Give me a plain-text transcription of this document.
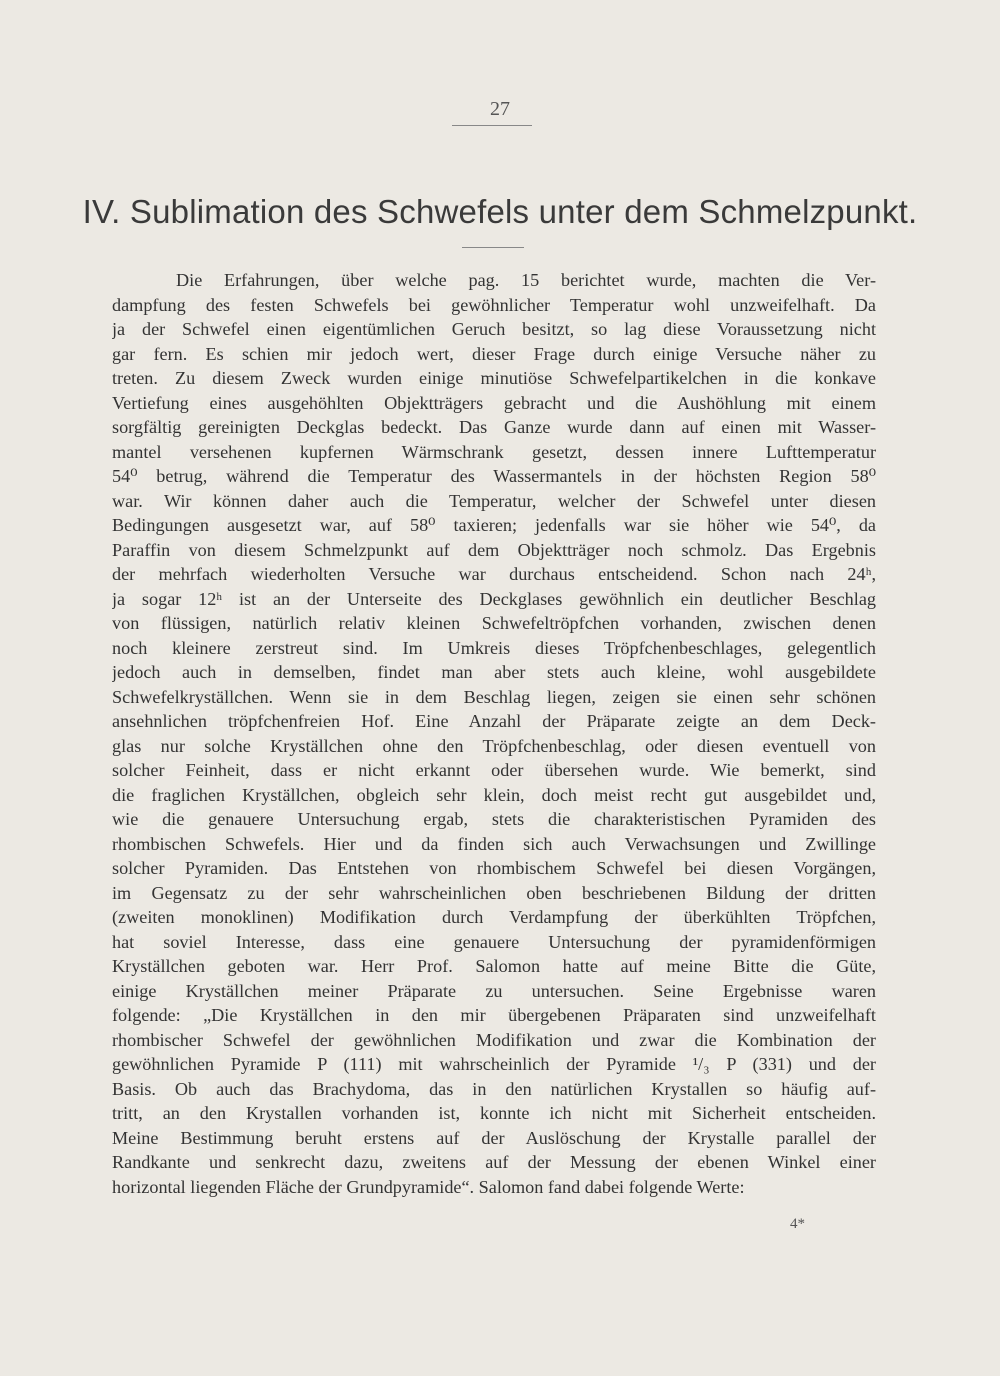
27
IV. Sublimation des Schwefels unter dem Schmelzpunkt.
Die Erfahrungen, über welche pag. 15 berichtet wurde, machten die Ver-
dampfung des festen Schwefels bei gewöhnlicher Temperatur wohl unzweifelhaft. Da
ja der Schwefel einen eigentümlichen Geruch besitzt, so lag diese Voraussetzung nicht
gar fern. Es schien mir jedoch wert, dieser Frage durch einige Versuche näher zu
treten. Zu diesem Zweck wurden einige minutiöse Schwefelpartikelchen in die konkave
Vertiefung eines ausgehöhlten Objektträgers gebracht und die Aushöhlung mit einem
sorgfältig gereinigten Deckglas bedeckt. Das Ganze wurde dann auf einen mit Wasser-
mantel versehenen kupfernen Wärmschrank gesetzt, dessen innere Lufttemperatur
54⁰ betrug, während die Temperatur des Wassermantels in der höchsten Region 58⁰
war. Wir können daher auch die Temperatur, welcher der Schwefel unter diesen
Bedingungen ausgesetzt war, auf 58⁰ taxieren; jedenfalls war sie höher wie 54⁰, da
Paraffin von diesem Schmelzpunkt auf dem Objektträger noch schmolz. Das Ergebnis
der mehrfach wiederholten Versuche war durchaus entscheidend. Schon nach 24ʰ,
ja sogar 12ʰ ist an der Unterseite des Deckglases gewöhnlich ein deutlicher Beschlag
von flüssigen, natürlich relativ kleinen Schwefeltröpfchen vorhanden, zwischen denen
noch kleinere zerstreut sind. Im Umkreis dieses Tröpfchenbeschlages, gelegentlich
jedoch auch in demselben, findet man aber stets auch kleine, wohl ausgebildete
Schwefelkryställchen. Wenn sie in dem Beschlag liegen, zeigen sie einen sehr schönen
ansehnlichen tröpfchenfreien Hof. Eine Anzahl der Präparate zeigte an dem Deck-
glas nur solche Kryställchen ohne den Tröpfchenbeschlag, oder diesen eventuell von
solcher Feinheit, dass er nicht erkannt oder übersehen wurde. Wie bemerkt, sind
die fraglichen Kryställchen, obgleich sehr klein, doch meist recht gut ausgebildet und,
wie die genauere Untersuchung ergab, stets die charakteristischen Pyramiden des
rhombischen Schwefels. Hier und da finden sich auch Verwachsungen und Zwillinge
solcher Pyramiden. Das Entstehen von rhombischem Schwefel bei diesen Vorgängen,
im Gegensatz zu der sehr wahrscheinlichen oben beschriebenen Bildung der dritten
(zweiten monoklinen) Modifikation durch Verdampfung der überkühlten Tröpfchen,
hat soviel Interesse, dass eine genauere Untersuchung der pyramidenförmigen
Kryställchen geboten war. Herr Prof. Salomon hatte auf meine Bitte die Güte,
einige Kryställchen meiner Präparate zu untersuchen. Seine Ergebnisse waren
folgende: „Die Kryställchen in den mir übergebenen Präparaten sind unzweifelhaft
rhombischer Schwefel der gewöhnlichen Modifikation und zwar die Kombination der
gewöhnlichen Pyramide P (111) mit wahrscheinlich der Pyramide ¹/₃ P (331) und der
Basis. Ob auch das Brachydoma, das in den natürlichen Krystallen so häufig auf-
tritt, an den Krystallen vorhanden ist, konnte ich nicht mit Sicherheit entscheiden.
Meine Bestimmung beruht erstens auf der Auslöschung der Krystalle parallel der
Randkante und senkrecht dazu, zweitens auf der Messung der ebenen Winkel einer
horizontal liegenden Fläche der Grundpyramide“. Salomon fand dabei folgende Werte:
4*
